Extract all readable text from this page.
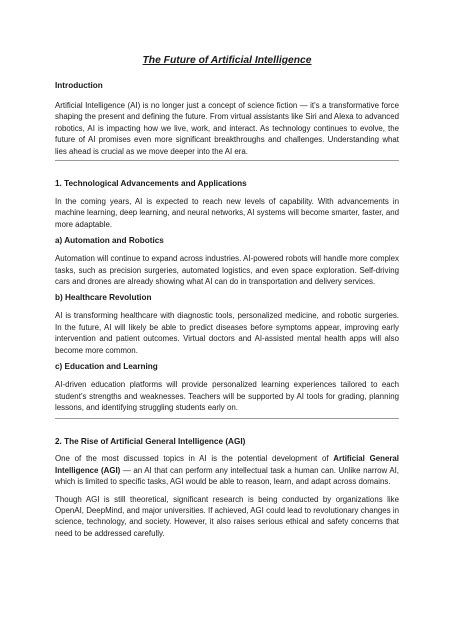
The Future of Artificial Intelligence
Introduction

Artificial Intelligence (AI) is no longer just a concept of science fiction — it’s a transformative force shaping the present and defining the future. From virtual assistants like Siri and Alexa to advanced robotics, AI is impacting how we live, work, and interact. As technology continues to evolve, the future of AI promises even more significant breakthroughs and challenges. Understanding what lies ahead is crucial as we move deeper into the AI era.

1. Technological Advancements and Applications

In the coming years, AI is expected to reach new levels of capability. With advancements in machine learning, deep learning, and neural networks, AI systems will become smarter, faster, and more adaptable.

a) Automation and Robotics

Automation will continue to expand across industries. AI-powered robots will handle more complex tasks, such as precision surgeries, automated logistics, and even space exploration. Self-driving cars and drones are already showing what AI can do in transportation and delivery services.

b) Healthcare Revolution

AI is transforming healthcare with diagnostic tools, personalized medicine, and robotic surgeries. In the future, AI will likely be able to predict diseases before symptoms appear, improving early intervention and patient outcomes. Virtual doctors and AI-assisted mental health apps will also become more common.

c) Education and Learning

AI-driven education platforms will provide personalized learning experiences tailored to each student’s strengths and weaknesses. Teachers will be supported by AI tools for grading, planning lessons, and identifying struggling students early on.

2. The Rise of Artificial General Intelligence (AGI)

One of the most discussed topics in AI is the potential development of Artificial General Intelligence (AGI) — an AI that can perform any intellectual task a human can. Unlike narrow AI, which is limited to specific tasks, AGI would be able to reason, learn, and adapt across domains.

Though AGI is still theoretical, significant research is being conducted by organizations like OpenAI, DeepMind, and major universities. If achieved, AGI could lead to revolutionary changes in science, technology, and society. However, it also raises serious ethical and safety concerns that need to be addressed carefully.
